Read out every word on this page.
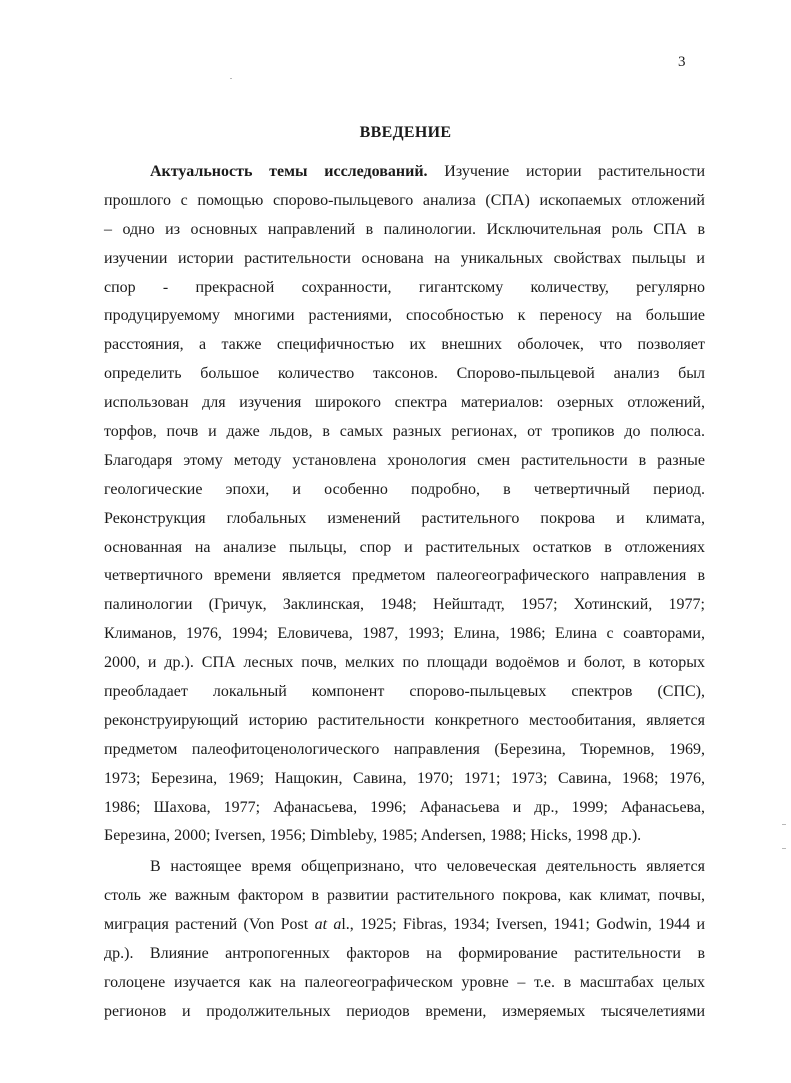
3
ВВЕДЕНИЕ
Актуальность темы исследований. Изучение истории растительности
прошлого с помощью спорово-пыльцевого анализа (СПА) ископаемых отложений
– одно из основных направлений в палинологии. Исключительная роль СПА в
изучении истории растительности основана на уникальных свойствах пыльцы и
спор - прекрасной сохранности, гигантскому количеству, регулярно
продуцируемому многими растениями, способностью к переносу на большие
расстояния, а также специфичностью их внешних оболочек, что позволяет
определить большое количество таксонов. Спорово-пыльцевой анализ был
использован для изучения широкого спектра материалов: озерных отложений,
торфов, почв и даже льдов, в самых разных регионах, от тропиков до полюса.
Благодаря этому методу установлена хронология смен растительности в разные
геологические эпохи, и особенно подробно, в четвертичный период.
Реконструкция глобальных изменений растительного покрова и климата,
основанная на анализе пыльцы, спор и растительных остатков в отложениях
четвертичного времени является предметом палеогеографического направления в
палинологии (Гричук, Заклинская, 1948; Нейштадт, 1957; Хотинский, 1977;
Климанов, 1976, 1994; Еловичева, 1987, 1993; Елина, 1986; Елина с соавторами,
2000, и др.). СПА лесных почв, мелких по площади водоёмов и болот, в которых
преобладает локальный компонент спорово-пыльцевых спектров (СПС),
реконструирующий историю растительности конкретного местообитания, является
предметом палеофитоценологического направления (Березина, Тюремнов, 1969,
1973; Березина, 1969; Нащокин, Савина, 1970; 1971; 1973; Савина, 1968; 1976,
1986; Шахова, 1977; Афанасьева, 1996; Афанасьева и др., 1999; Афанасьева,
Березина, 2000; Iversen, 1956; Dimbleby, 1985; Andersen, 1988; Hicks, 1998 др.).
В настоящее время общепризнано, что человеческая деятельность является
столь же важным фактором в развитии растительного покрова, как климат, почвы,
миграция растений (Von Post at al., 1925; Fibras, 1934; Iversen, 1941; Godwin, 1944 и
др.). Влияние антропогенных факторов на формирование растительности в
голоцене изучается как на палеогеографическом уровне – т.е. в масштабах целых
регионов и продолжительных периодов времени, измеряемых тысячелетиями
